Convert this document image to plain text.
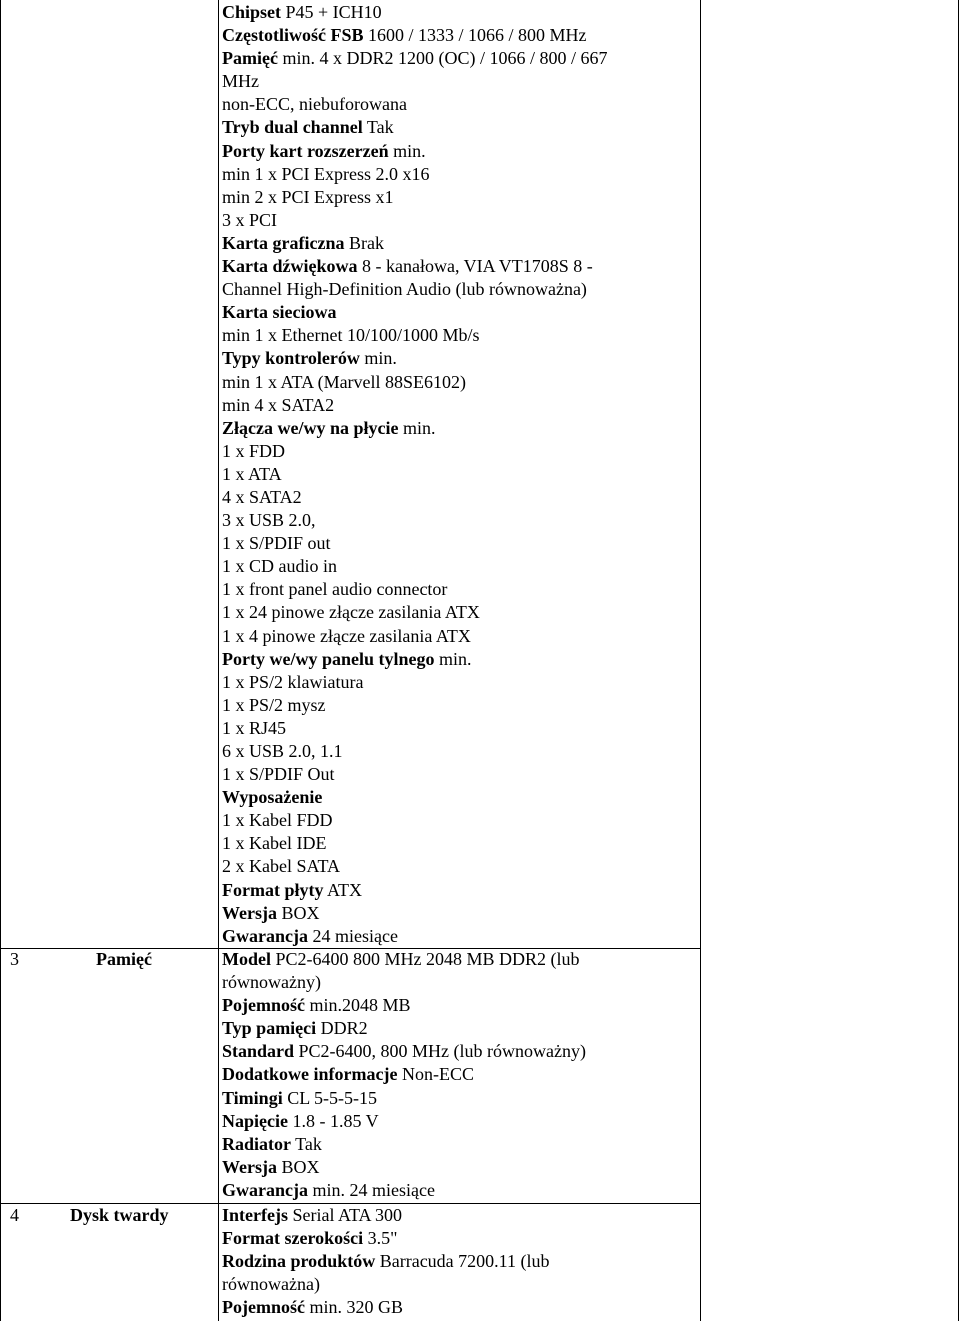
Chipset P45 + ICH10
Częstotliwość FSB 1600 / 1333 / 1066 / 800 MHz
Pamięć min. 4 x DDR2 1200 (OC) / 1066 / 800 / 667
MHz
non-ECC, niebuforowana
Tryb dual channel Tak
Porty kart rozszerzeń min.
min 1 x PCI Express 2.0 x16
min 2 x PCI Express x1
3 x PCI
Karta graficzna Brak
Karta dźwiękowa 8 - kanałowa, VIA VT1708S 8 -
Channel High-Definition Audio (lub równoważna)
Karta sieciowa
min 1 x Ethernet 10/100/1000 Mb/s
Typy kontrolerów min.
min 1 x ATA (Marvell 88SE6102)
min 4 x SATA2
Złącza we/wy na płycie min.
1 x FDD
1 x ATA
4 x SATA2
3 x USB 2.0,
1 x S/PDIF out
1 x CD audio in
1 x front panel audio connector
1 x 24 pinowe złącze zasilania ATX
1 x 4 pinowe złącze zasilania ATX
Porty we/wy panelu tylnego min.
1 x PS/2 klawiatura
1 x PS/2 mysz
1 x RJ45
6 x USB 2.0, 1.1
1 x S/PDIF Out
Wyposażenie
1 x Kabel FDD
1 x Kabel IDE
2 x Kabel SATA
Format płyty ATX
Wersja BOX
Gwarancja 24 miesiące
3	Pamięć	Model PC2-6400 800 MHz 2048 MB DDR2 (lub
równoważny)
Pojemność min.2048 MB
Typ pamięci DDR2
Standard PC2-6400, 800 MHz (lub równoważny)
Dodatkowe informacje Non-ECC
Timingi CL 5-5-5-15
Napięcie 1.8 - 1.85 V
Radiator Tak
Wersja BOX
Gwarancja min. 24 miesiące
4	Dysk twardy	Interfejs Serial ATA 300
Format szerokości 3.5"
Rodzina produktów Barracuda 7200.11 (lub
równoważna)
Pojemność min. 320 GB
